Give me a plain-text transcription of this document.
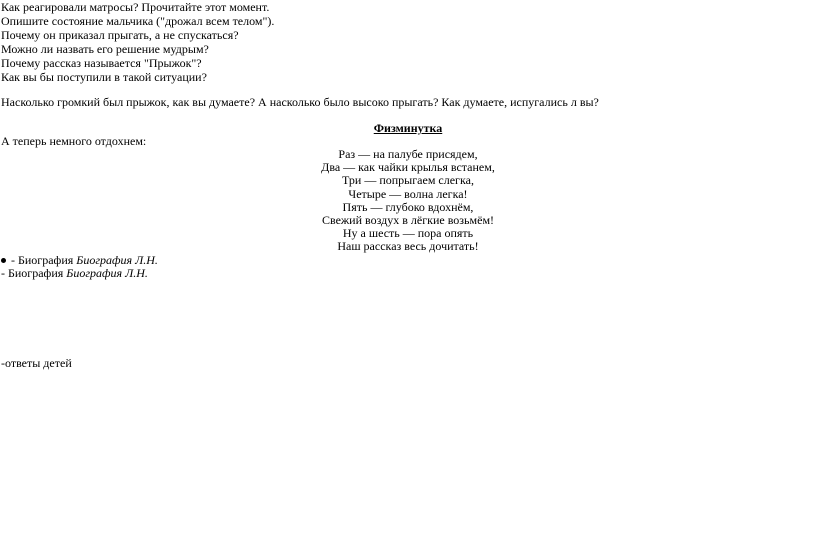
Как реагировали матросы? Прочитайте этот момент.
Опишите состояние мальчика ("дрожал всем телом").
Почему он приказал прыгать, а не спускаться?
Можно ли назвать его решение мудрым?
Почему рассказ называется "Прыжок"?
Как вы бы поступили в такой ситуации?
Насколько громкий был прыжок, как вы думаете? А насколько было высоко прыгать? Как думаете, испугались л вы?
Физминутка
А теперь немного отдохнем:
Раз — на палубе присядем,
Два — как чайки крылья встанем,
Три — попрыгаем слегка,
Четыре — волна легка!
Пять — глубоко вдохнём,
Свежий воздух в лёгкие возьмём!
Ну а шесть — пора опять
Наш рассказ весь дочитать!
- Биография Биография Л.Н.
- Биография Биография Л.Н.
-ответы детей
